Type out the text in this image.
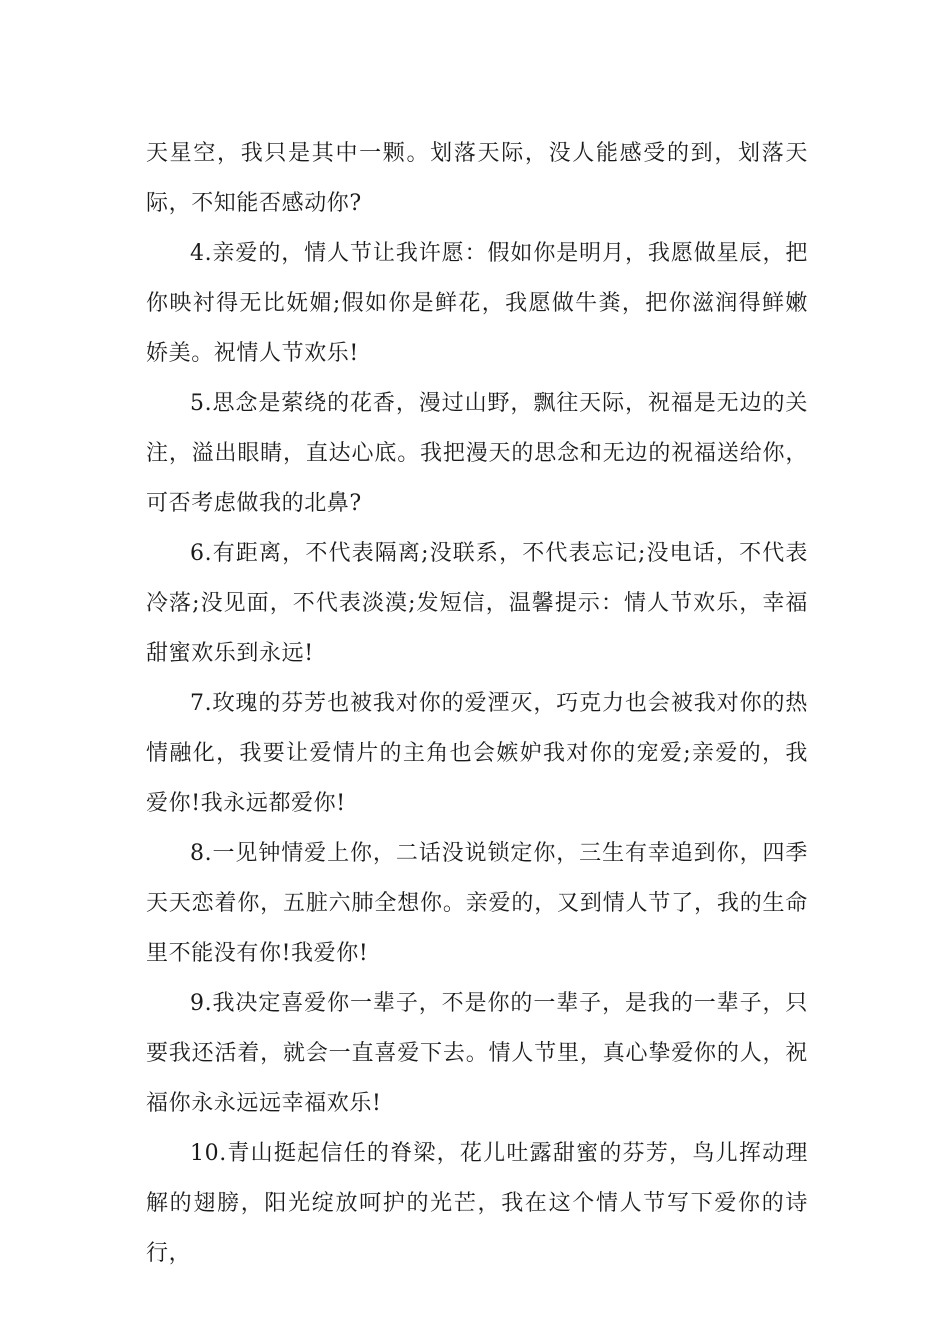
天星空，我只是其中一颗。划落天际，没人能感受的到，划落天际，不知能否感动你?

4.亲爱的，情人节让我许愿：假如你是明月，我愿做星辰，把你映衬得无比妩媚;假如你是鲜花，我愿做牛粪，把你滋润得鲜嫩娇美。祝情人节欢乐!

5.思念是萦绕的花香，漫过山野，飘往天际，祝福是无边的关注，溢出眼睛，直达心底。我把漫天的思念和无边的祝福送给你，可否考虑做我的北鼻?

6.有距离，不代表隔离;没联系，不代表忘记;没电话，不代表冷落;没见面，不代表淡漠;发短信，温馨提示：情人节欢乐，幸福甜蜜欢乐到永远!

7.玫瑰的芬芳也被我对你的爱湮灭，巧克力也会被我对你的热情融化，我要让爱情片的主角也会嫉妒我对你的宠爱;亲爱的，我爱你!我永远都爱你!

8.一见钟情爱上你，二话没说锁定你，三生有幸追到你，四季天天恋着你，五脏六肺全想你。亲爱的，又到情人节了，我的生命里不能没有你!我爱你!

9.我决定喜爱你一辈子，不是你的一辈子，是我的一辈子，只要我还活着，就会一直喜爱下去。情人节里，真心挚爱你的人，祝福你永永远远幸福欢乐!

10.青山挺起信任的脊梁，花儿吐露甜蜜的芬芳，鸟儿挥动理解的翅膀，阳光绽放呵护的光芒，我在这个情人节写下爱你的诗行，
